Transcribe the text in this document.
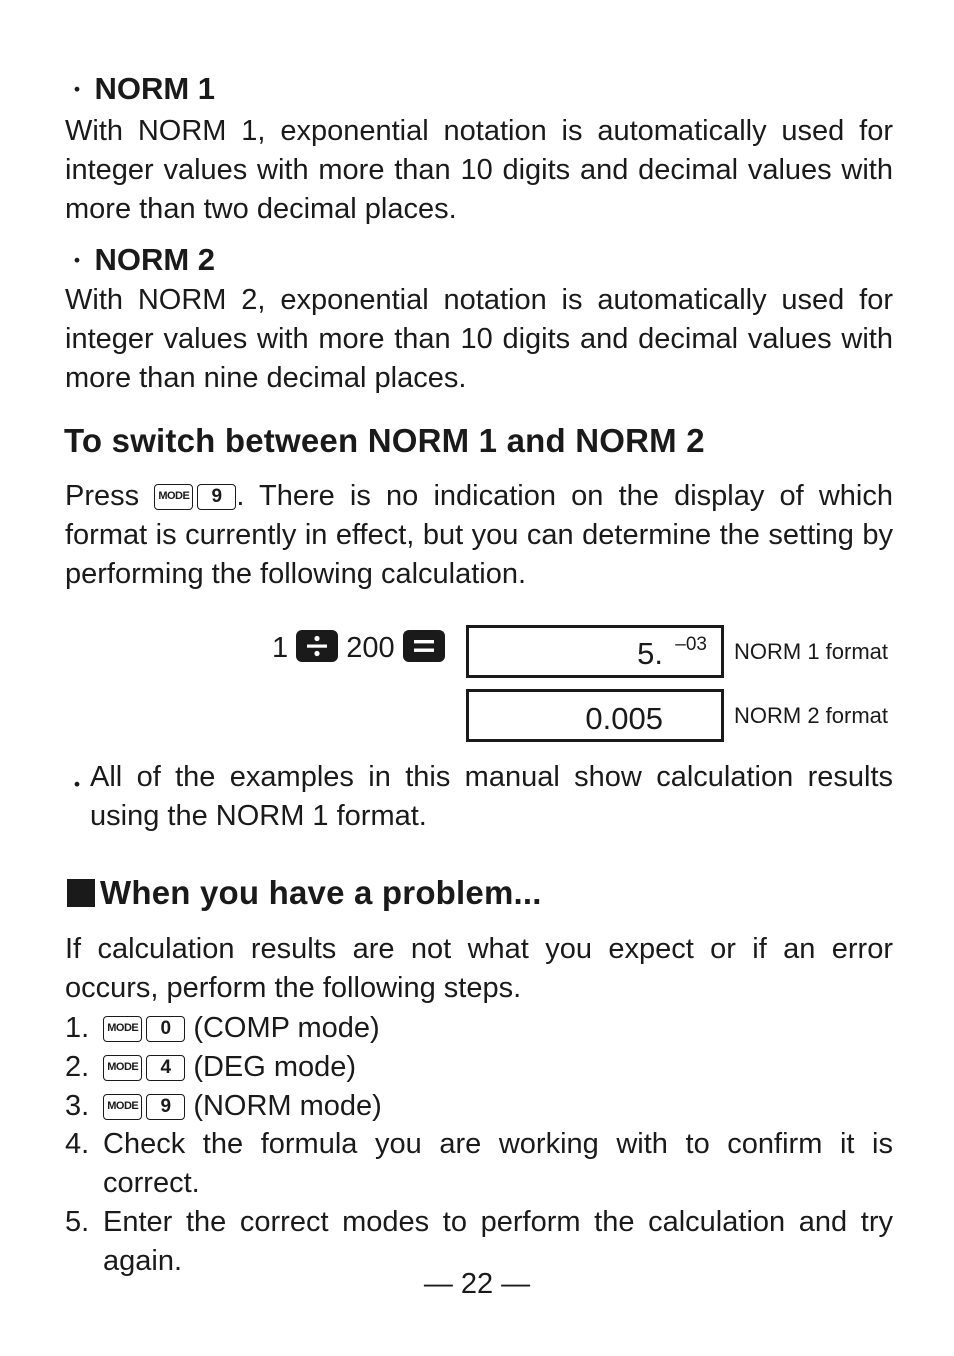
・ NORM 1

With NORM 1, exponential notation is automatically used for integer values with more than 10 digits and decimal values with more than two decimal places.

・ NORM 2

With NORM 2, exponential notation is automatically used for integer values with more than 10 digits and decimal values with more than nine decimal places.

To switch between NORM 1 and NORM 2

Press MODE 9 . There is no indication on the display of which format is currently in effect, but you can determine the setting by performing the following calculation.

1 200	5. –03 NORM 1 format
0.005	NORM 2 format
・ All of the examples in this manual show calculation results using the NORM 1 format.

When you have a problem...

If calculation results are not what you expect or if an error occurs, perform the following steps.

1. MODE 0 (COMP mode)
2. MODE 4 (DEG mode)
3. MODE 9 (NORM mode)
4. Check the formula you are working with to confirm it is correct.

5. Enter the correct modes to perform the calculation and try again.

— 22 —
